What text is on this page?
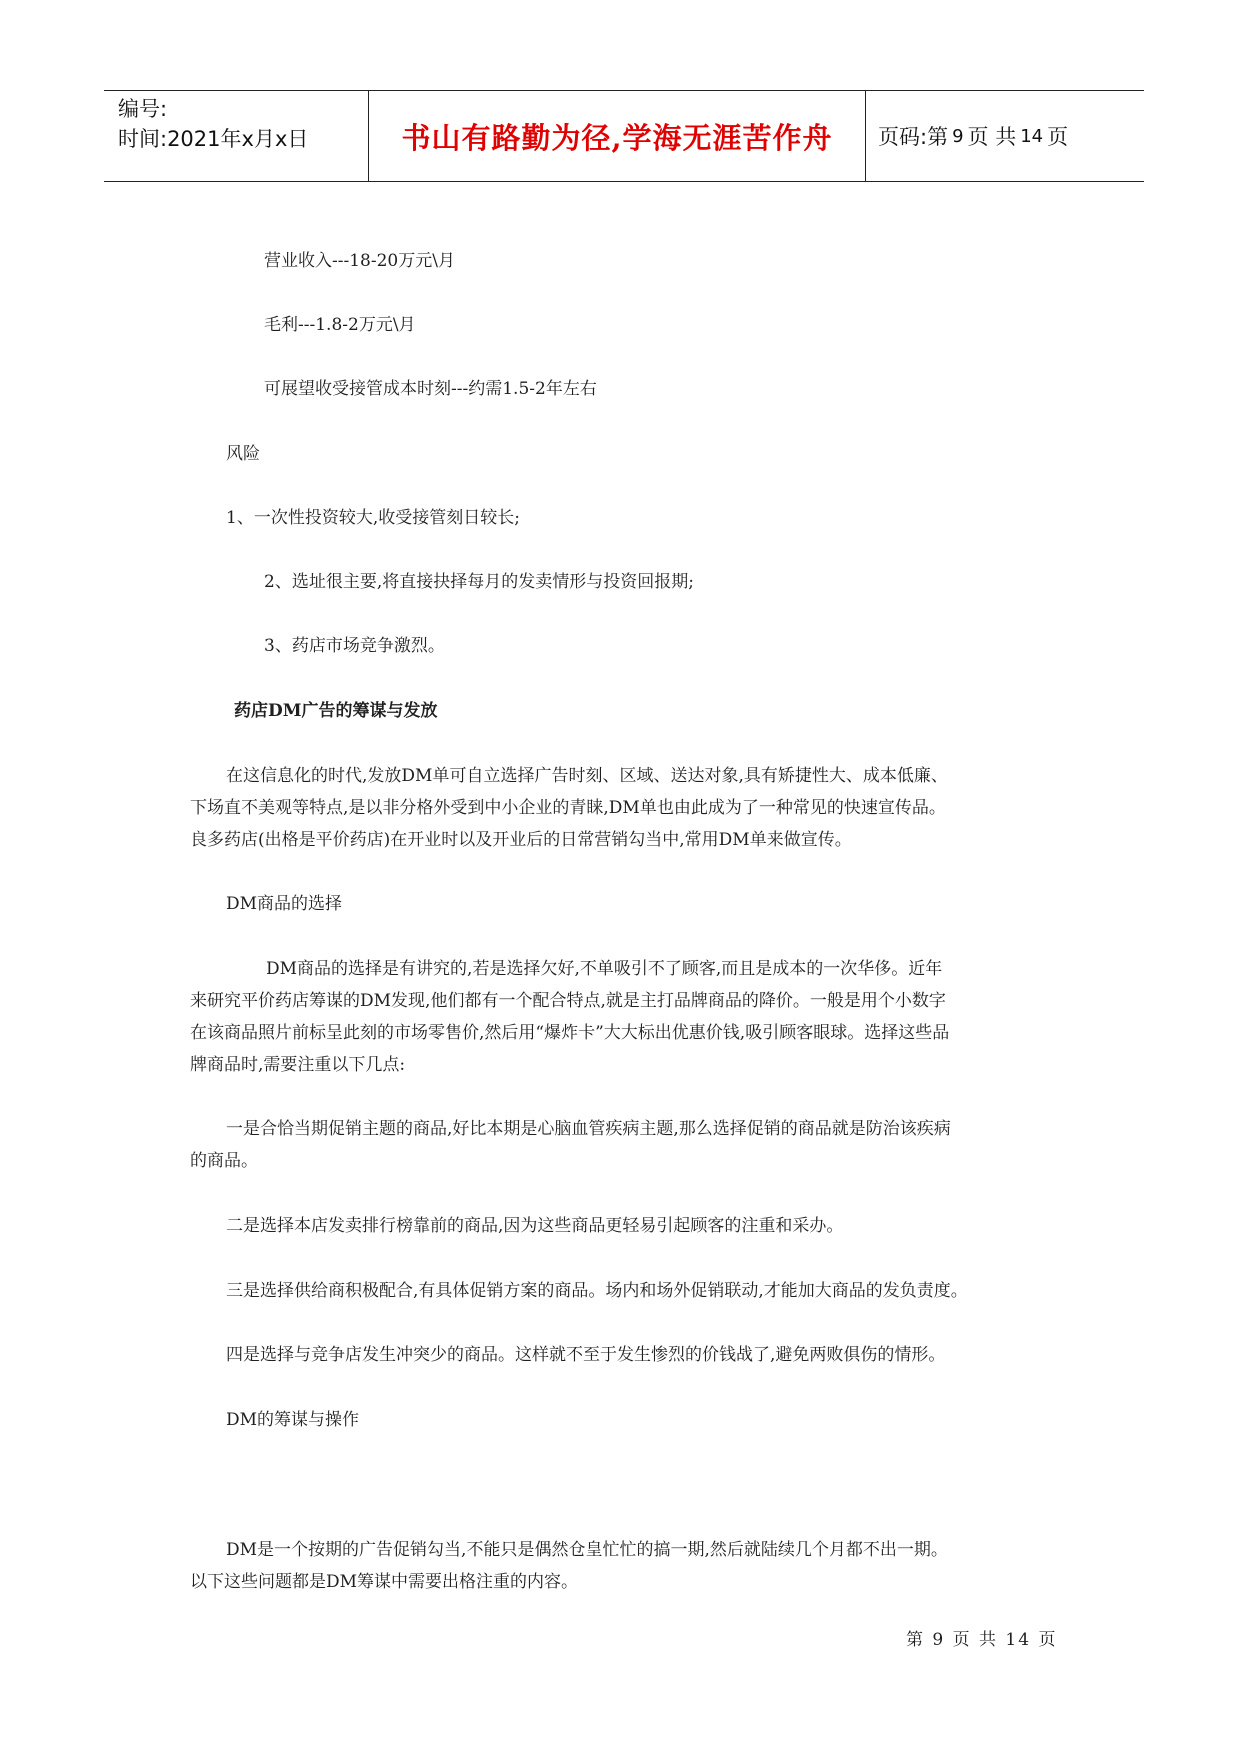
编号:
时间:2021年x月x日	书山有路勤为径,学海无涯苦作舟	页码:第 9 页 共 14 页
营业收入---18-20万元\月
毛利---1.8-2万元\月
可展望收受接管成本时刻---约需1.5-2年左右
风险
1、一次性投资较大,收受接管刻日较长;
2、选址很主要,将直接抉择每月的发卖情形与投资回报期;
3、药店市场竞争激烈。
药店DM广告的筹谋与发放
在这信息化的时代,发放DM单可自立选择广告时刻、区域、送达对象,具有矫捷性大、成本低廉、
下场直不美观等特点,是以非分格外受到中小企业的青睐,DM单也由此成为了一种常见的快速宣传品。
良多药店(出格是平价药店)在开业时以及开业后的日常营销勾当中,常用DM单来做宣传。
DM商品的选择
DM商品的选择是有讲究的,若是选择欠好,不单吸引不了顾客,而且是成本的一次华侈。近年
来研究平价药店筹谋的DM发现,他们都有一个配合特点,就是主打品牌商品的降价。一般是用个小数字
在该商品照片前标呈此刻的市场零售价,然后用“爆炸卡”大大标出优惠价钱,吸引顾客眼球。选择这些品
牌商品时,需要注重以下几点:
一是合恰当期促销主题的商品,好比本期是心脑血管疾病主题,那么选择促销的商品就是防治该疾病
的商品。
二是选择本店发卖排行榜靠前的商品,因为这些商品更轻易引起顾客的注重和采办。
三是选择供给商积极配合,有具体促销方案的商品。场内和场外促销联动,才能加大商品的发负责度。
四是选择与竞争店发生冲突少的商品。这样就不至于发生惨烈的价钱战了,避免两败俱伤的情形。
DM的筹谋与操作
DM是一个按期的广告促销勾当,不能只是偶然仓皇忙忙的搞一期,然后就陆续几个月都不出一期。
以下这些问题都是DM筹谋中需要出格注重的内容。
第 9 页 共 14 页
